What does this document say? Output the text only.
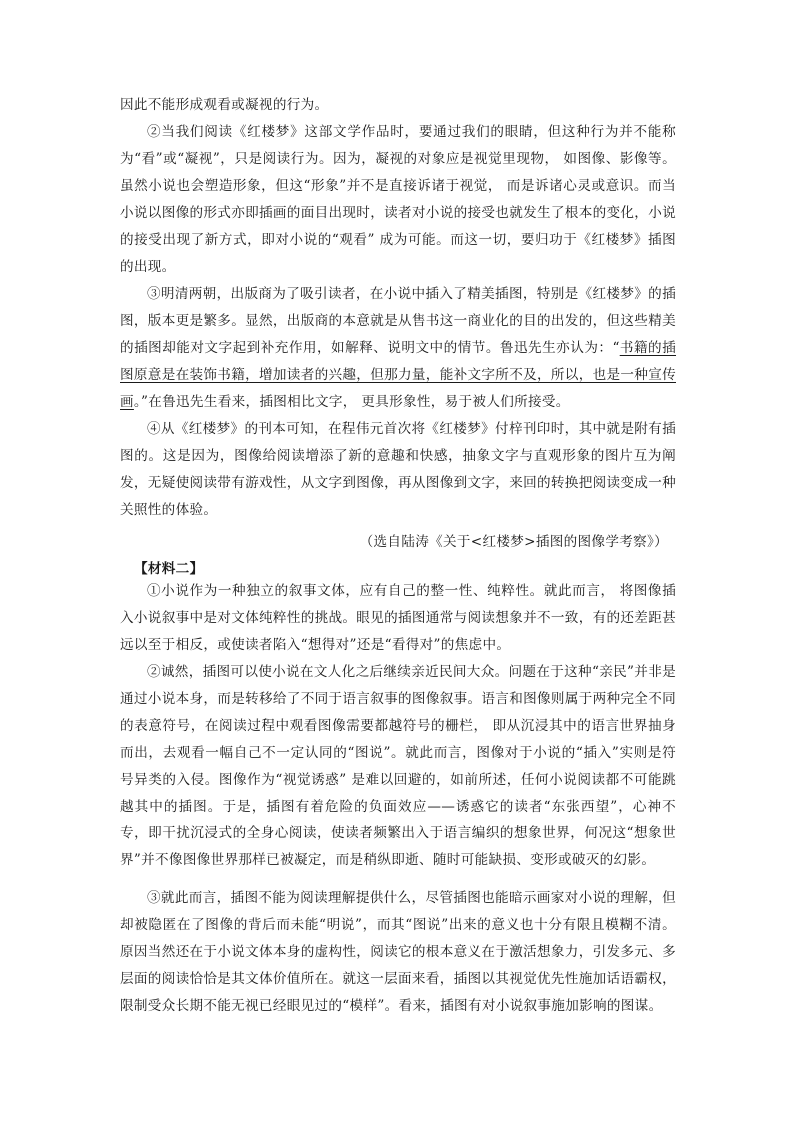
因此不能形成观看或凝视的行为。

②当我们阅读《红楼梦》这部文学作品时，要通过我们的眼睛，但这种行为并不能称为“看”或“凝视”，只是阅读行为。因为，凝视的对象应是视觉里现物， 如图像、影像等。虽然小说也会塑造形象，但这“形象”并不是直接诉诸于视觉， 而是诉诸心灵或意识。而当小说以图像的形式亦即插画的面目出现时，读者对小说的接受也就发生了根本的变化，小说的接受出现了新方式，即对小说的“观看” 成为可能。而这一切，要归功于《红楼梦》插图的出现。

③明清两朝，出版商为了吸引读者，在小说中插入了精美插图，特别是《红楼梦》的插图，版本更是繁多。显然，出版商的本意就是从售书这一商业化的目的出发的，但这些精美的插图却能对文字起到补充作用，如解释、说明文中的情节。鲁迅先生亦认为：“书籍的插图原意是在装饰书籍，增加读者的兴趣，但那力量，能补文字所不及，所以，也是一种宣传画。”在鲁迅先生看来，插图相比文字， 更具形象性，易于被人们所接受。

④从《红楼梦》的刊本可知，在程伟元首次将《红楼梦》付梓刊印时，其中就是附有插图的。这是因为，图像给阅读增添了新的意趣和快感，抽象文字与直观形象的图片互为阐发，无疑使阅读带有游戏性，从文字到图像，再从图像到文字，来回的转换把阅读变成一种关照性的体验。

（选自陆涛《关于<红楼梦>插图的图像学考察》）

【材料二】

①小说作为一种独立的叙事文体，应有自己的整一性、纯粹性。就此而言， 将图像插入小说叙事中是对文体纯粹性的挑战。眼见的插图通常与阅读想象并不一致，有的还差距甚远以至于相反，或使读者陷入“想得对”还是“看得对”的焦虑中。

②诚然，插图可以使小说在文人化之后继续亲近民间大众。问题在于这种“亲民”并非是通过小说本身，而是转移给了不同于语言叙事的图像叙事。语言和图像则属于两种完全不同的表意符号，在阅读过程中观看图像需要都越符号的栅栏， 即从沉浸其中的语言世界抽身而出，去观看一幅自己不一定认同的“图说”。就此而言，图像对于小说的“插入”实则是符号异类的入侵。图像作为“视觉诱惑” 是难以回避的，如前所述，任何小说阅读都不可能跳越其中的插图。于是，插图有着危险的负面效应——诱惑它的读者“东张西望”，心神不专，即干扰沉浸式的全身心阅读，使读者频繁出入于语言编织的想象世界，何况这“想象世界”并不像图像世界那样已被凝定，而是稍纵即逝、随时可能缺损、变形或破灭的幻影。

③就此而言，插图不能为阅读理解提供什么，尽管插图也能暗示画家对小说的理解，但却被隐匿在了图像的背后而未能“明说”，而其“图说”出来的意义也十分有限且模糊不清。原因当然还在于小说文体本身的虚构性，阅读它的根本意义在于激活想象力，引发多元、多层面的阅读恰恰是其文体价值所在。就这一层面来看，插图以其视觉优先性施加话语霸权，限制受众长期不能无视已经眼见过的“模样”。看来，插图有对小说叙事施加影响的图谋。
